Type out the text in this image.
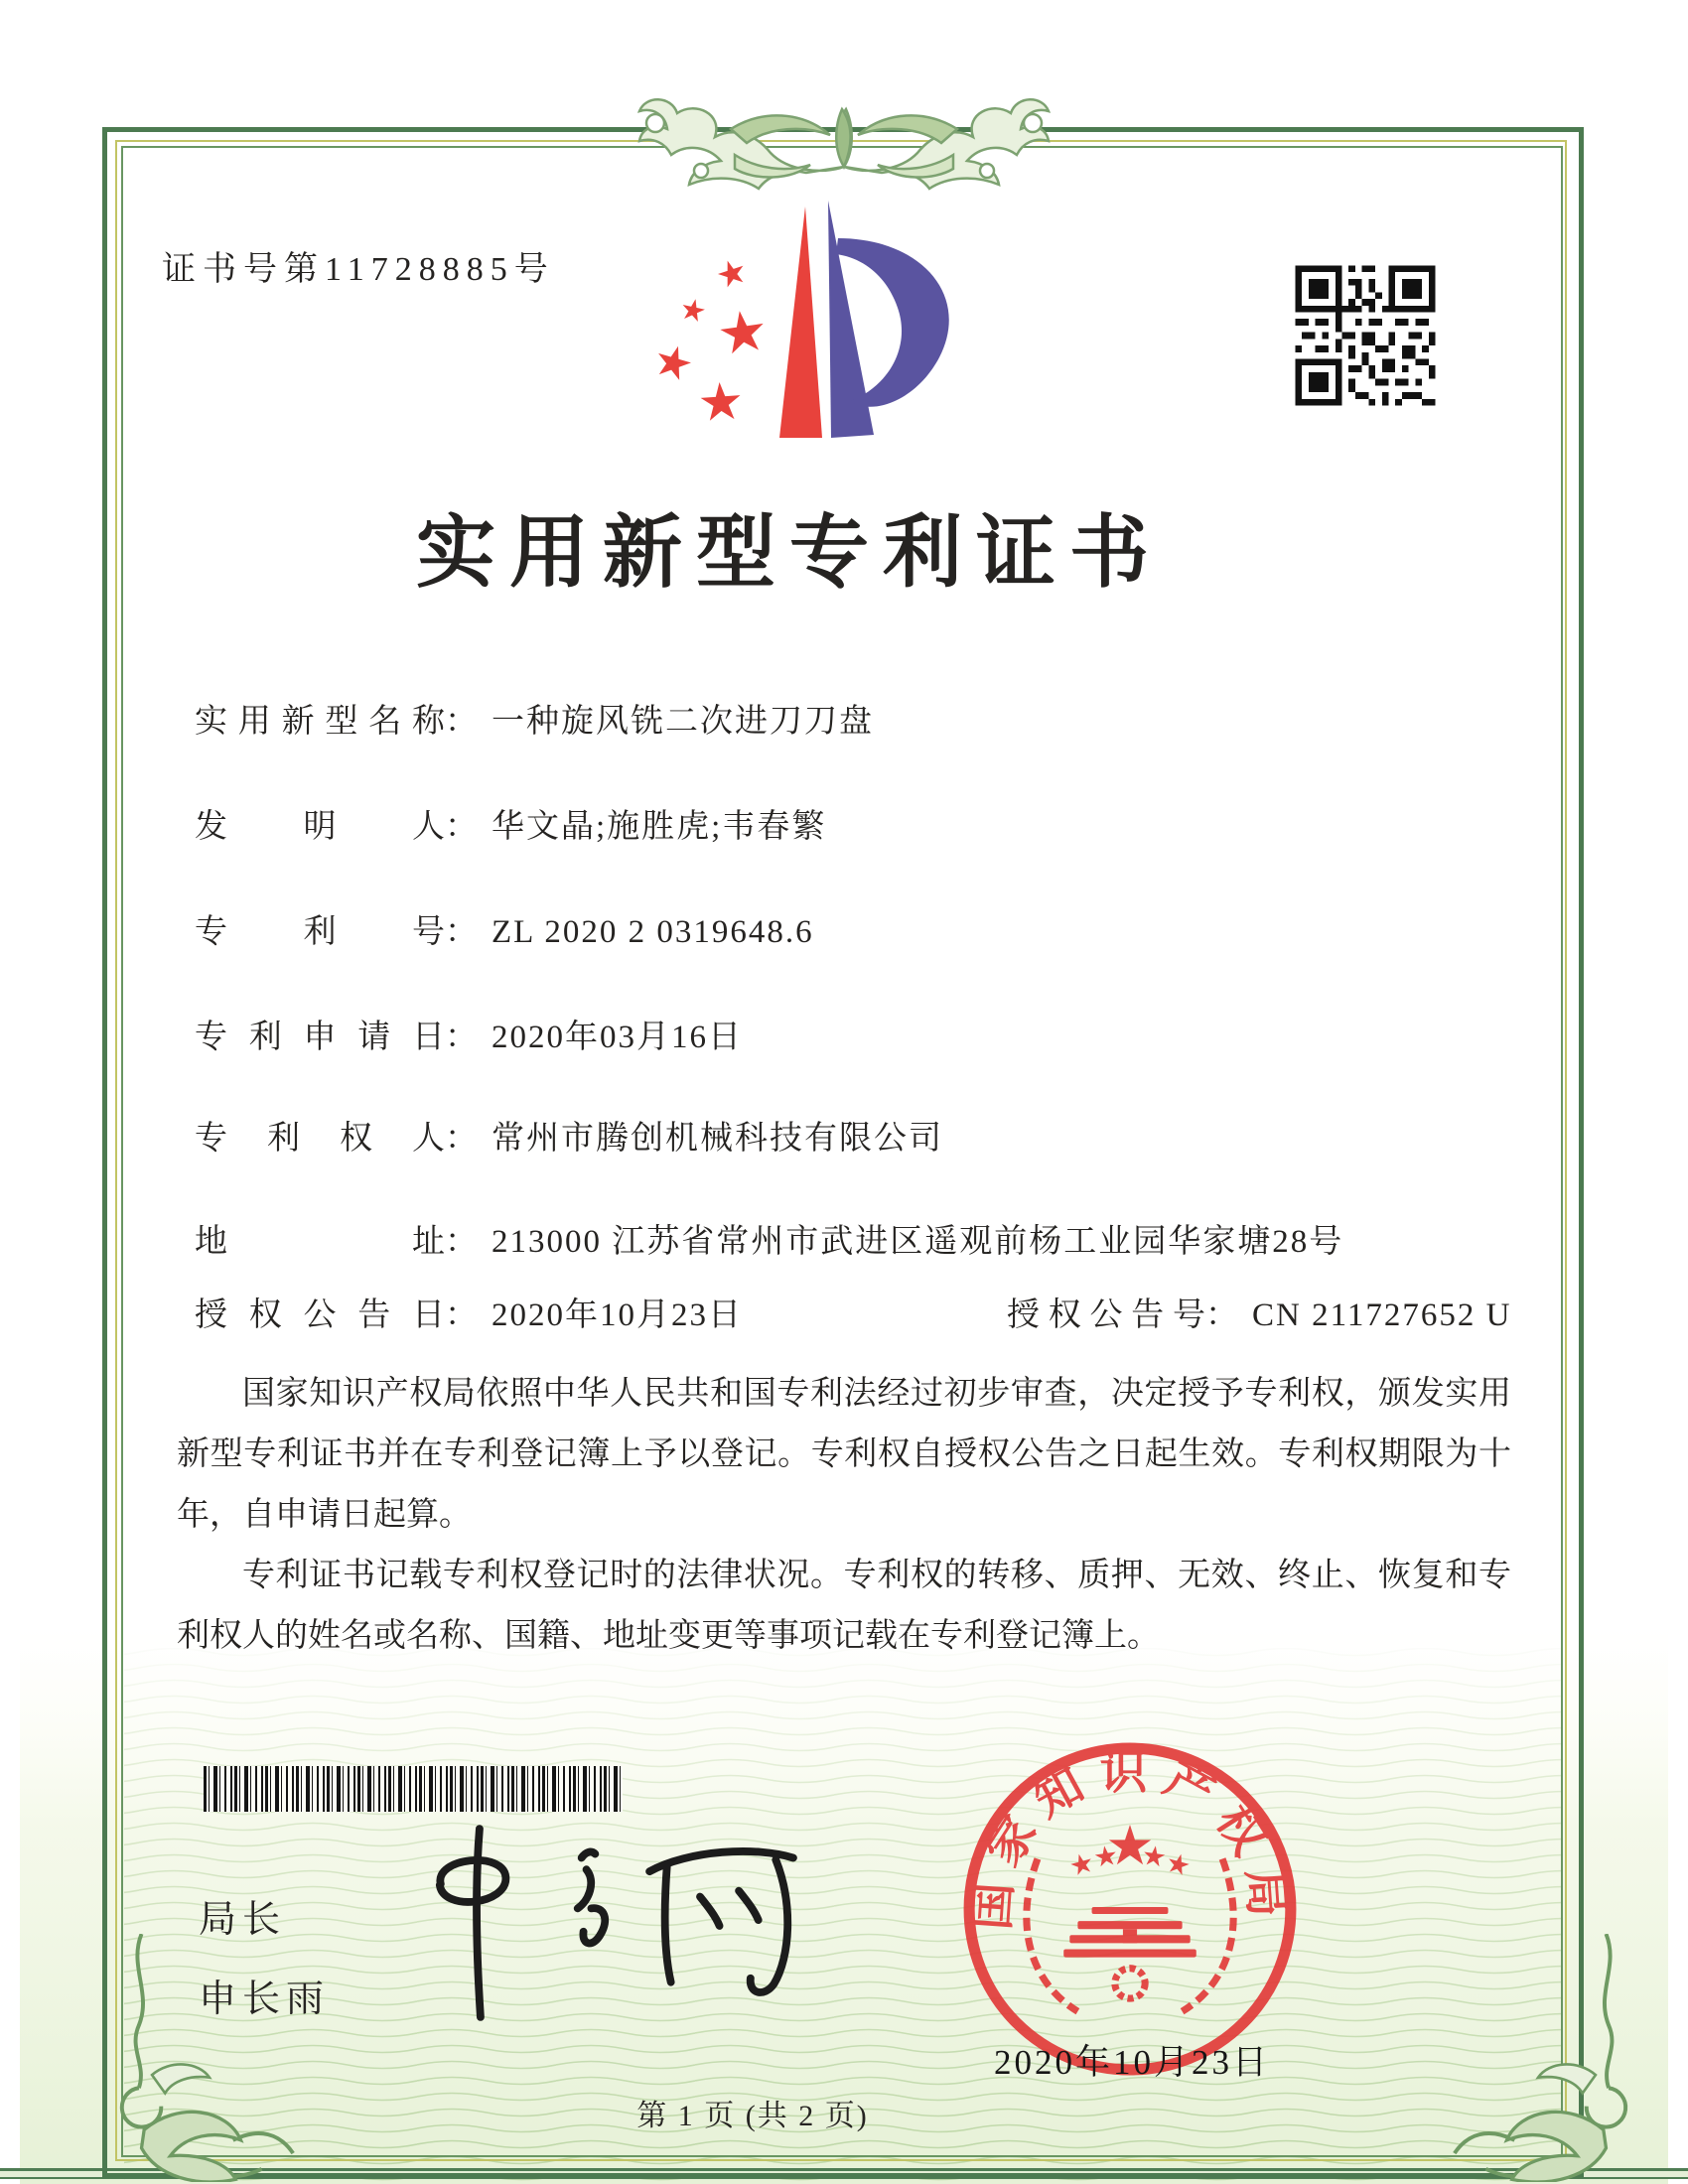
证书号第11728885号
实用新型专利证书
实用新型名称： 一种旋风铣二次进刀刀盘
发明人： 华文晶;施胜虎;韦春繁
专利号： ZL 2020 2 0319648.6
专利申请日： 2020年03月16日
专利权人： 常州市腾创机械科技有限公司
地址： 213000 江苏省常州市武进区遥观前杨工业园华家塘28号
授权公告日： 2020年10月23日	授权公告号： CN 211727652 U

国家知识产权局依照中华人民共和国专利法经过初步审查，决定授予专利权，颁发实用新型专利证书并在专利登记簿上予以登记。专利权自授权公告之日起生效。专利权期限为十年，自申请日起算。

专利证书记载专利权登记时的法律状况。专利权的转移、质押、无效、终止、恢复和专利权人的姓名或名称、国籍、地址变更等事项记载在专利登记簿上。

局长
申长雨
国家知识产权局
2020年10月23日
第 1 页 (共 2 页)
